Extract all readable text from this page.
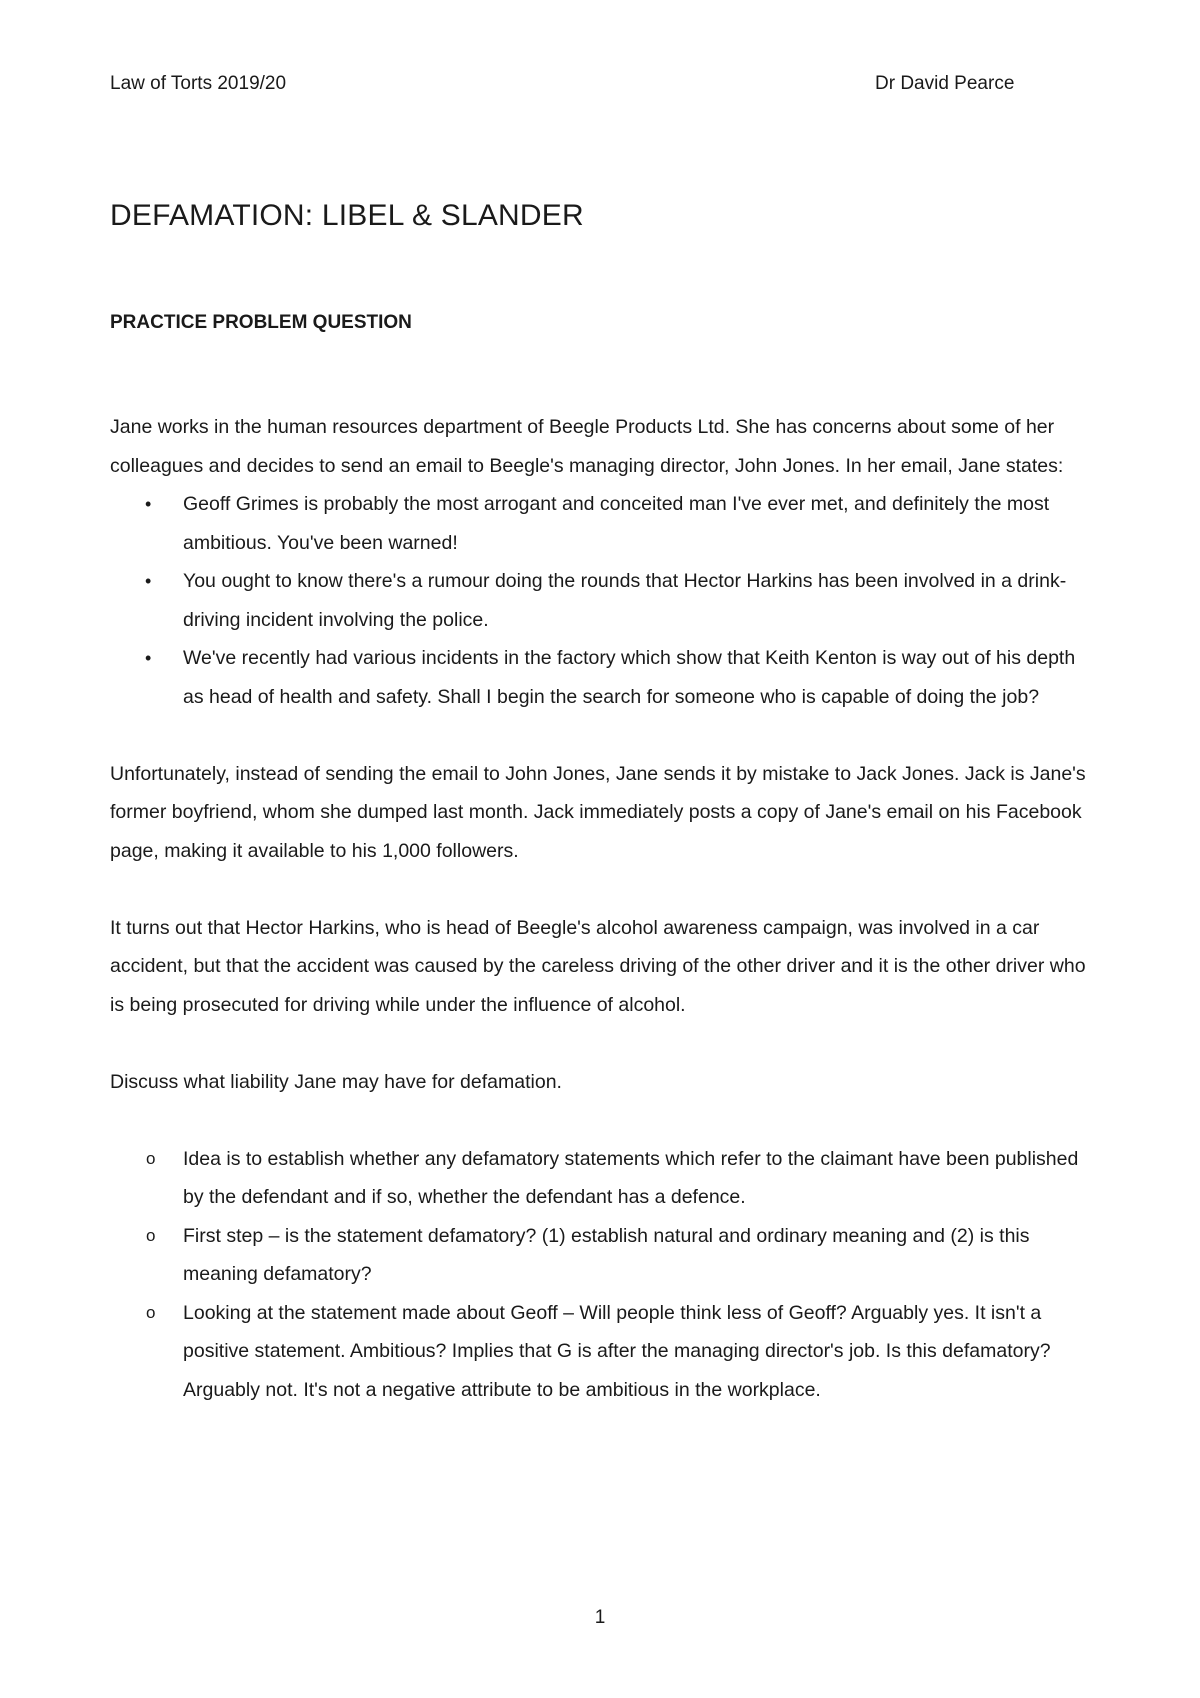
Law of Torts 2019/20	Dr David Pearce

DEFAMATION: LIBEL & SLANDER
PRACTICE PROBLEM QUESTION

Jane works in the human resources department of Beegle Products Ltd. She has concerns about some of her colleagues and decides to send an email to Beegle's managing director, John Jones. In her email, Jane states:

• Geoff Grimes is probably the most arrogant and conceited man I've ever met, and definitely the most ambitious. You've been warned!
• You ought to know there's a rumour doing the rounds that Hector Harkins has been involved in a drink-driving incident involving the police.
• We've recently had various incidents in the factory which show that Keith Kenton is way out of his depth as head of health and safety. Shall I begin the search for someone who is capable of doing the job?

Unfortunately, instead of sending the email to John Jones, Jane sends it by mistake to Jack Jones. Jack is Jane's former boyfriend, whom she dumped last month. Jack immediately posts a copy of Jane's email on his Facebook page, making it available to his 1,000 followers.

It turns out that Hector Harkins, who is head of Beegle's alcohol awareness campaign, was involved in a car accident, but that the accident was caused by the careless driving of the other driver and it is the other driver who is being prosecuted for driving while under the influence of alcohol.

Discuss what liability Jane may have for defamation.

o Idea is to establish whether any defamatory statements which refer to the claimant have been published by the defendant and if so, whether the defendant has a defence.
o First step – is the statement defamatory? (1) establish natural and ordinary meaning and (2) is this meaning defamatory?
o Looking at the statement made about Geoff – Will people think less of Geoff? Arguably yes. It isn't a positive statement. Ambitious? Implies that G is after the managing director's job. Is this defamatory? Arguably not. It's not a negative attribute to be ambitious in the workplace.

1
